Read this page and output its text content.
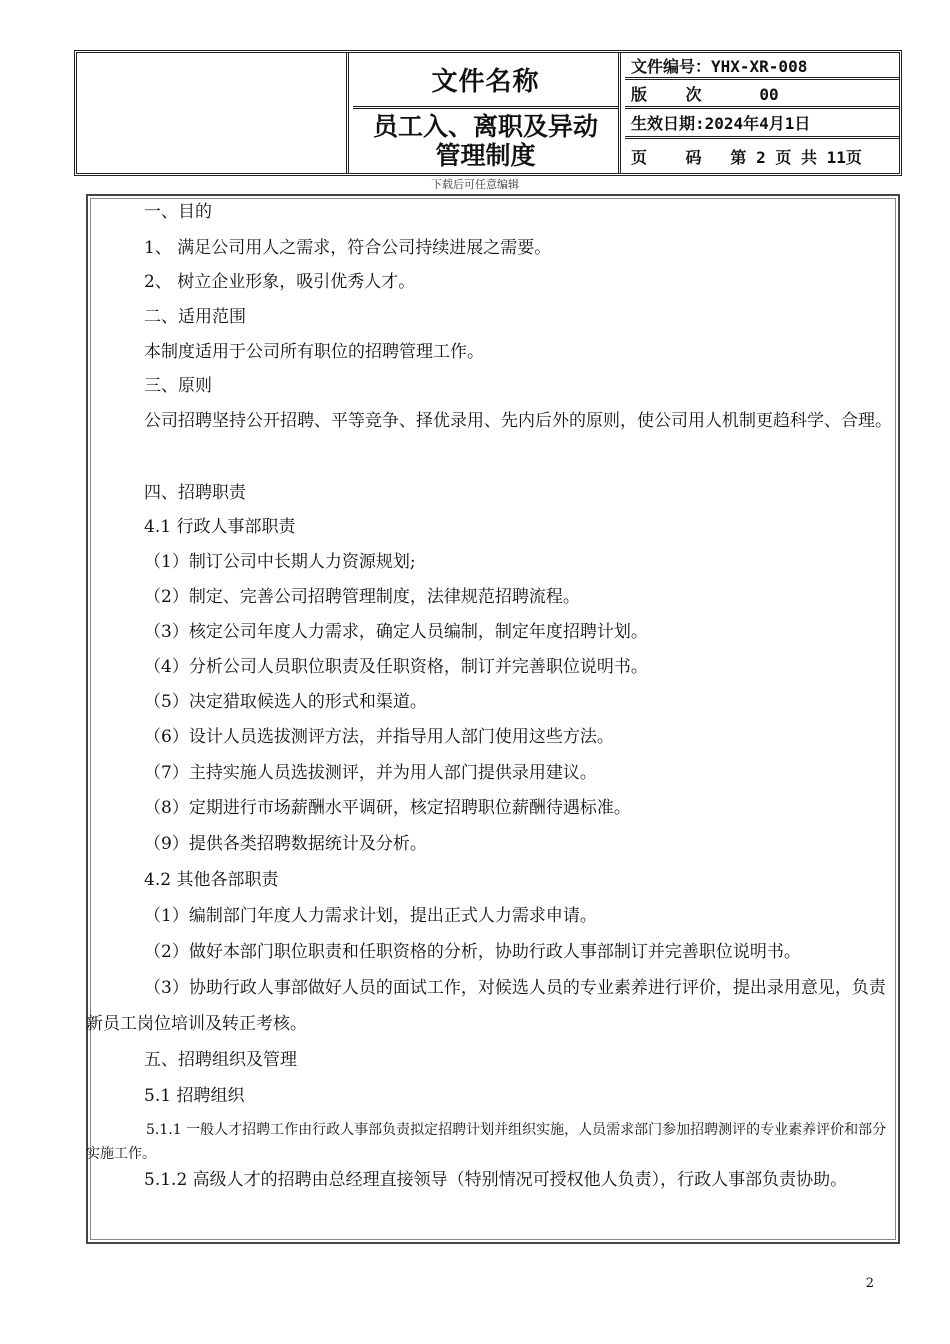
文件名称
员工入、离职及异动管理制度
文件编号：YHX-XR-008
版    次      00
生效日期:2024年4月1日
页    码   第 2 页 共 11页
下载后可任意编辑
一、目的
1、 满足公司用人之需求，符合公司持续进展之需要。
2、 树立企业形象，吸引优秀人才。
二、适用范围
本制度适用于公司所有职位的招聘管理工作。
三、原则
公司招聘坚持公开招聘、平等竞争、择优录用、先内后外的原则，使公司用人机制更趋科学、合理。
四、招聘职责
4.1 行政人事部职责
（1）制订公司中长期人力资源规划;
（2）制定、完善公司招聘管理制度，法律规范招聘流程。
（3）核定公司年度人力需求，确定人员编制，制定年度招聘计划。
（4）分析公司人员职位职责及任职资格，制订并完善职位说明书。
（5）决定猎取候选人的形式和渠道。
（6）设计人员选拔测评方法，并指导用人部门使用这些方法。
（7）主持实施人员选拔测评，并为用人部门提供录用建议。
（8）定期进行市场薪酬水平调研，核定招聘职位薪酬待遇标准。
（9）提供各类招聘数据统计及分析。
4.2 其他各部职责
（1）编制部门年度人力需求计划，提出正式人力需求申请。
（2）做好本部门职位职责和任职资格的分析，协助行政人事部制订并完善职位说明书。
（3）协助行政人事部做好人员的面试工作，对候选人员的专业素养进行评价，提出录用意见，负责新员工岗位培训及转正考核。
五、招聘组织及管理
5.1 招聘组织
5.1.1 一般人才招聘工作由行政人事部负责拟定招聘计划并组织实施，人员需求部门参加招聘测评的专业素养评价和部分实施工作。
5.1.2 高级人才的招聘由总经理直接领导（特别情况可授权他人负责），行政人事部负责协助。
2
